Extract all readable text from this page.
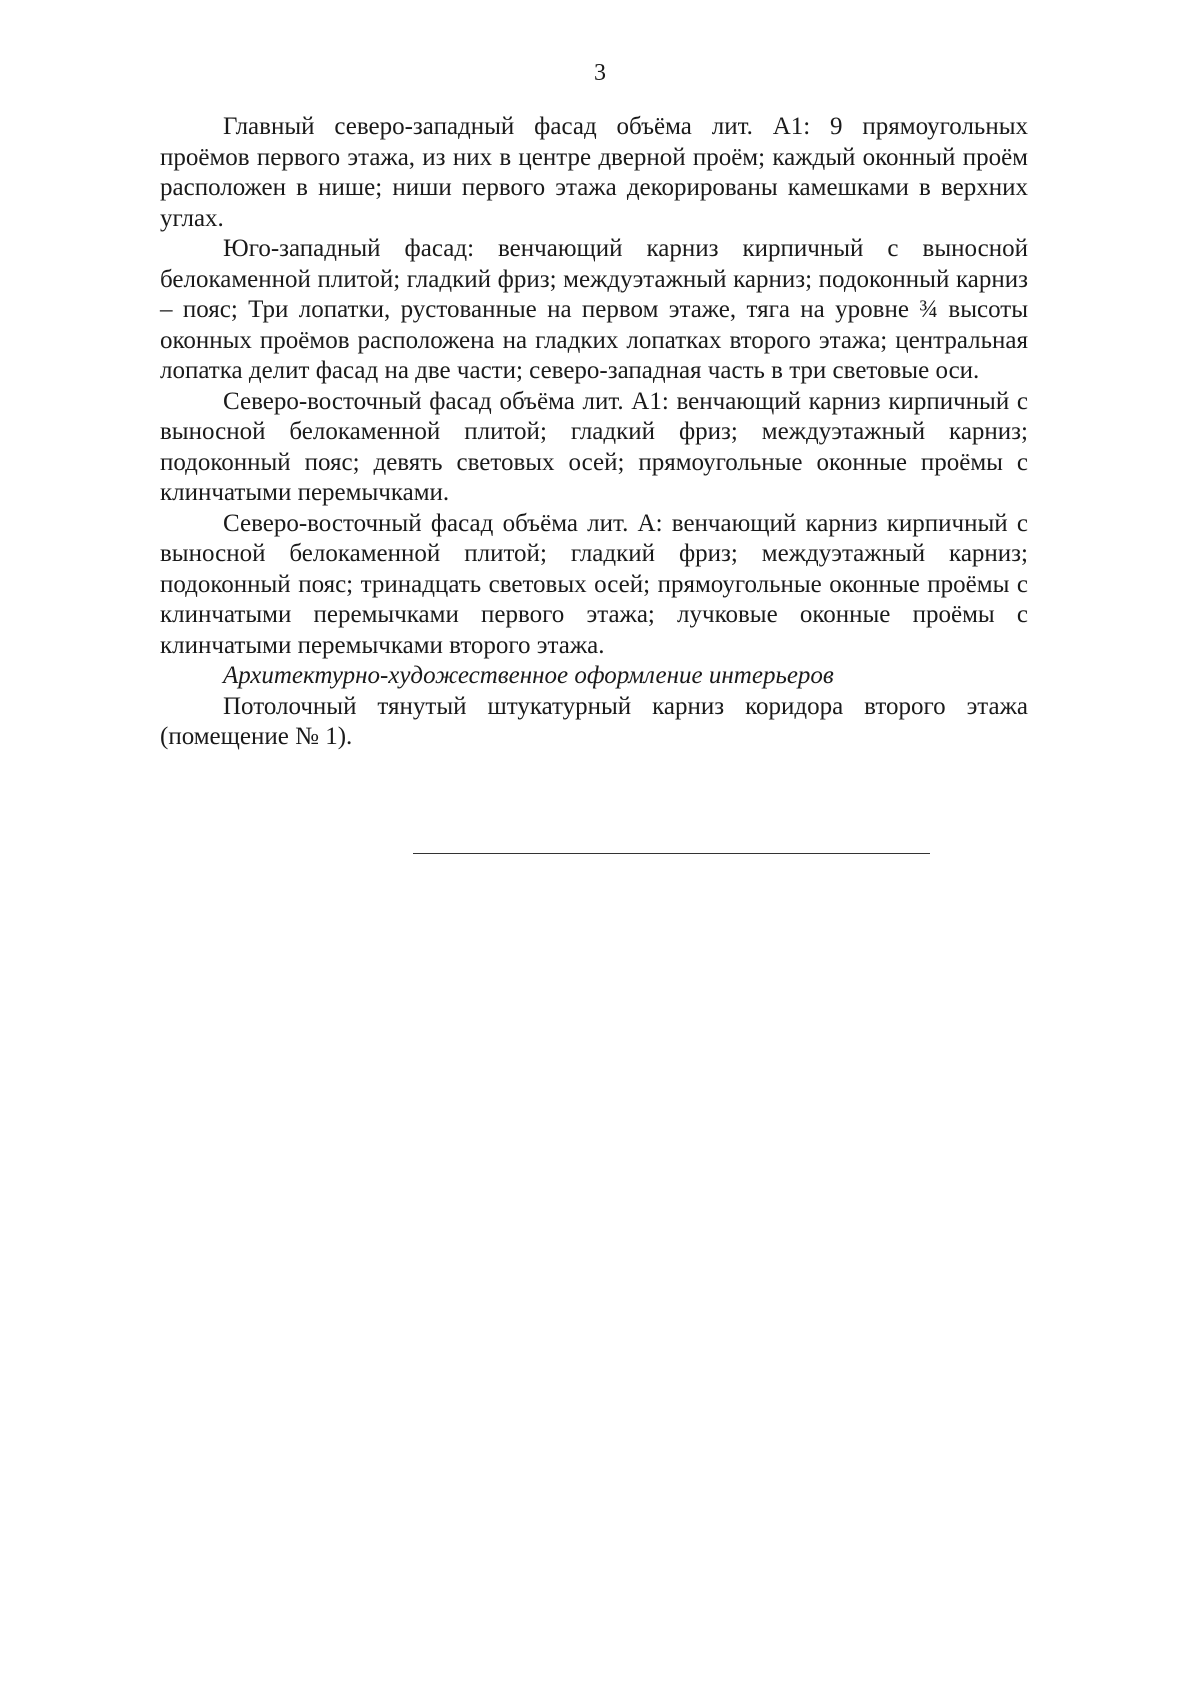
3

Главный северо-западный фасад объёма лит. А1: 9 прямоугольных проёмов первого этажа, из них в центре дверной проём; каждый оконный проём расположен в нише; ниши первого этажа декорированы камешками в верхних углах.

Юго-западный фасад: венчающий карниз кирпичный с выносной белокаменной плитой; гладкий фриз; междуэтажный карниз; подоконный карниз – пояс; Три лопатки, рустованные на первом этаже, тяга на уровне ¾ высоты оконных проёмов расположена на гладких лопатках второго этажа; центральная лопатка делит фасад на две части; северо-западная часть в три световые оси.

Северо-восточный фасад объёма лит. А1: венчающий карниз кирпичный с выносной белокаменной плитой; гладкий фриз; междуэтажный карниз; подоконный пояс; девять световых осей; прямоугольные оконные проёмы с клинчатыми перемычками.

Северо-восточный фасад объёма лит. А: венчающий карниз кирпичный с выносной белокаменной плитой; гладкий фриз; междуэтажный карниз; подоконный пояс; тринадцать световых осей; прямоугольные оконные проёмы с клинчатыми перемычками первого этажа; лучковые оконные проёмы с клинчатыми перемычками второго этажа.

Архитектурно-художественное оформление интерьеров

Потолочный тянутый штукатурный карниз коридора второго этажа (помещение № 1).
